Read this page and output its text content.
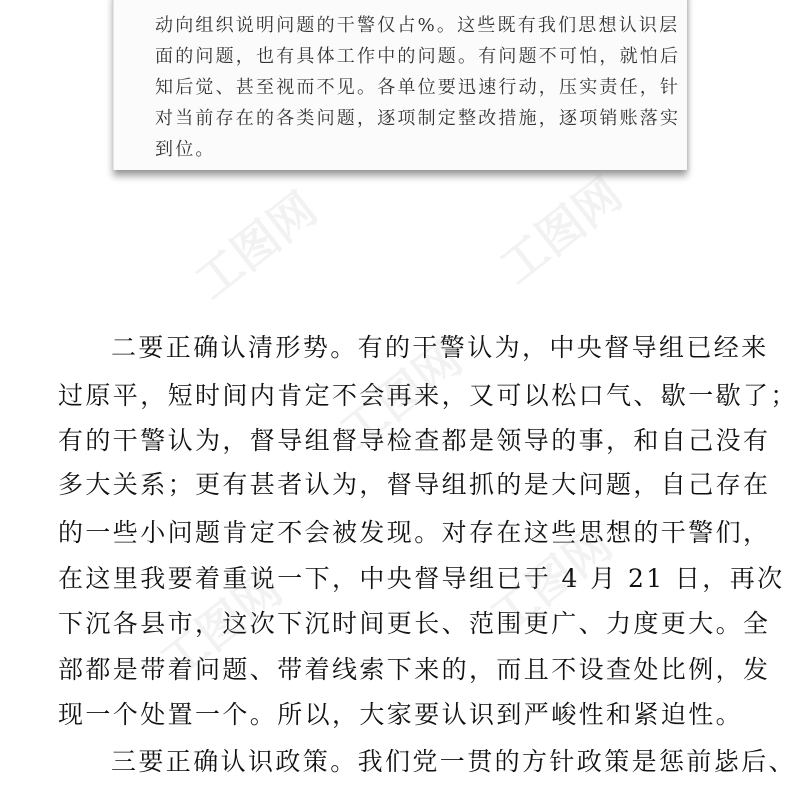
动向组织说明问题的干警仅占%。这些既有我们思想认识层
面的问题，也有具体工作中的问题。有问题不可怕，就怕后
知后觉、甚至视而不见。各单位要迅速行动，压实责任，针
对当前存在的各类问题，逐项制定整改措施，逐项销账落实
到位。
二要正确认清形势。有的干警认为，中央督导组已经来
过原平，短时间内肯定不会再来，又可以松口气、歇一歇了；
有的干警认为，督导组督导检查都是领导的事，和自己没有
多大关系；更有甚者认为，督导组抓的是大问题，自己存在
的一些小问题肯定不会被发现。对存在这些思想的干警们，
在这里我要着重说一下，中央督导组已于 4 月 21 日，再次
下沉各县市，这次下沉时间更长、范围更广、力度更大。全
部都是带着问题、带着线索下来的，而且不设查处比例，发
现一个处置一个。所以，大家要认识到严峻性和紧迫性。
三要正确认识政策。我们党一贯的方针政策是惩前毖后、
工图网	工图网
工图网
工图网
工图网
